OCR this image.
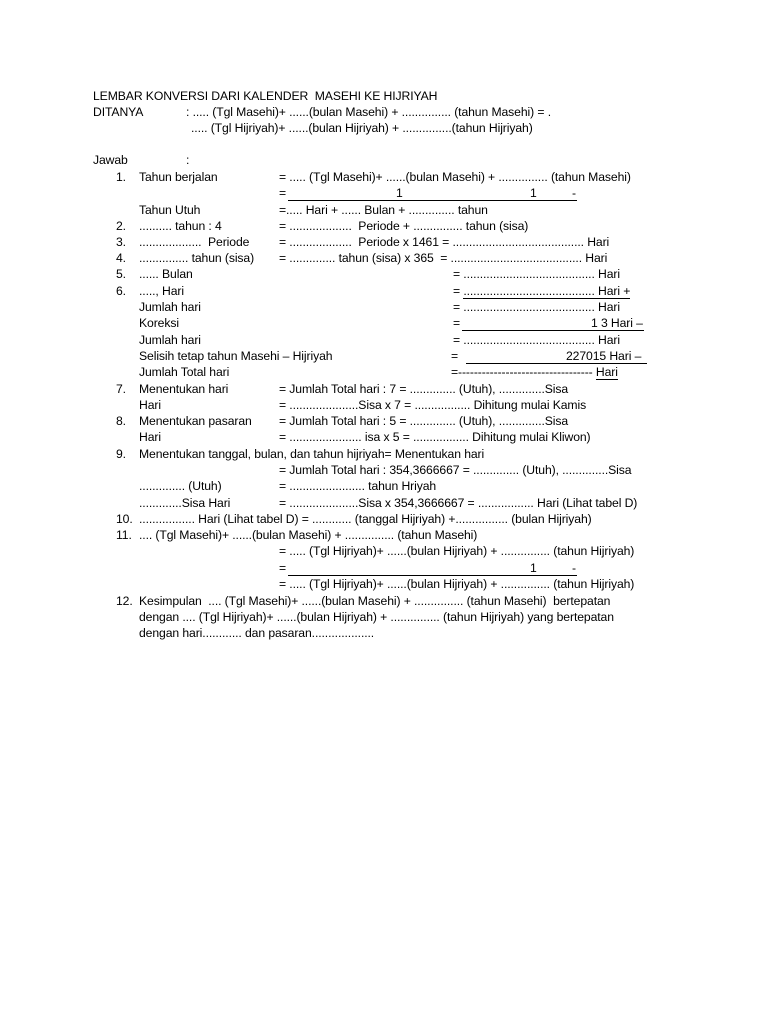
LEMBAR KONVERSI DARI KALENDER  MASEHI KE HIJRIYAH
DITANYA	: ..... (Tgl Masehi)+ ......(bulan Masehi) + ............... (tahun Masehi) = .
..... (Tgl Hijriyah)+ ......(bulan Hijriyah) + ...............(tahun Hijriyah)
Jawab	:
1. Tahun berjalan	= ..... (Tgl Masehi)+ ......(bulan Masehi) + ............... (tahun Masehi)
=	1	1	-
Tahun Utuh	=..... Hari + ...... Bulan + .............. tahun
2. .......... tahun : 4	= ...................  Periode + ............... tahun (sisa)
3. ...................  Periode = ...................  Periode x 1461 = ........................................ Hari
4. ............... tahun (sisa) = .............. tahun (sisa) x 365  = ........................................ Hari
5. ...... Bulan	= ........................................ Hari
6. ....., Hari	= ........................................ Hari +
Jumlah hari	= ........................................ Hari
Koreksi	=	1 3 Hari –
Jumlah hari	= ........................................ Hari
Selisih tetap tahun Masehi – Hijriyah	=	227015 Hari –
Jumlah Total hari	=---------------------------------- Hari
7. Menentukan hari	= Jumlah Total hari : 7 = .............. (Utuh), ..............Sisa
Hari	= .....................Sisa x 7 = ................. Dihitung mulai Kamis
8. Menentukan pasaran = Jumlah Total hari : 5 = .............. (Utuh), ..............Sisa
Hari	= ...................... isa x 5 = ................. Dihitung mulai Kliwon)
9. Menentukan tanggal, bulan, dan tahun hijriyah= Menentukan hari
= Jumlah Total hari : 354,3666667 = .............. (Utuh), ..............Sisa
.............. (Utuh)	= ....................... tahun Hriyah
.............Sisa Hari	= .....................Sisa x 354,3666667 = ................. Hari (Lihat tabel D)
10. ................. Hari (Lihat tabel D) = ............ (tanggal Hijriyah) +................ (bulan Hijriyah)
11. .... (Tgl Masehi)+ ......(bulan Masehi) + ............... (tahun Masehi)
= ..... (Tgl Hijriyah)+ ......(bulan Hijriyah) + ............... (tahun Hijriyah)
=	1	-
= ..... (Tgl Hijriyah)+ ......(bulan Hijriyah) + ............... (tahun Hijriyah)
12. Kesimpulan  .... (Tgl Masehi)+ ......(bulan Masehi) + ............... (tahun Masehi)  bertepatan
dengan .... (Tgl Hijriyah)+ ......(bulan Hijriyah) + ............... (tahun Hijriyah) yang bertepatan
dengan hari............ dan pasaran...................
